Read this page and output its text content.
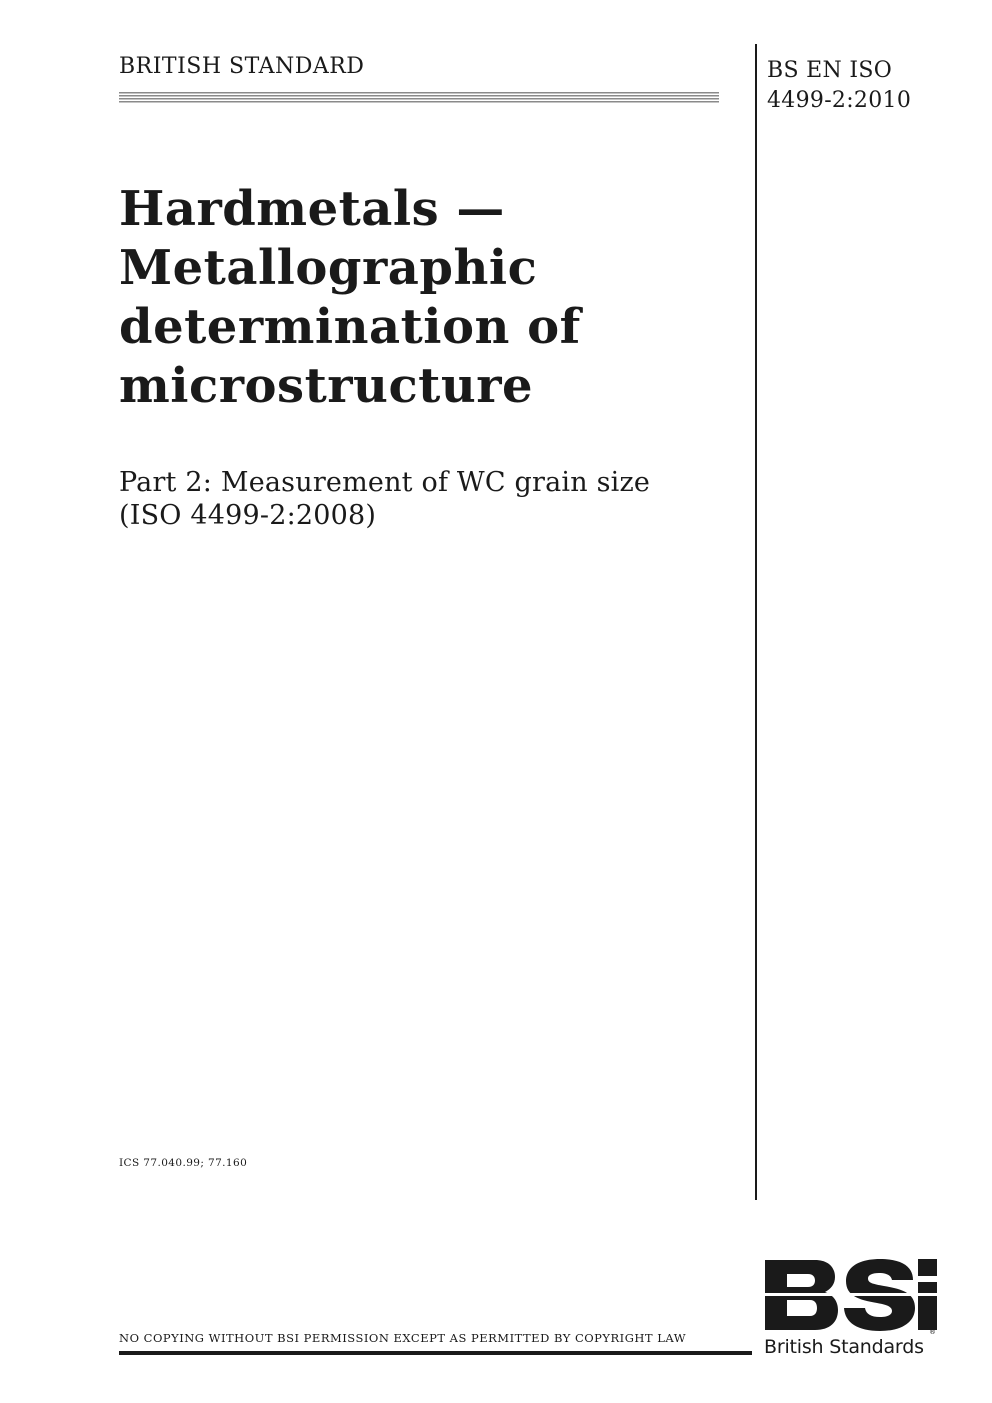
BRITISH STANDARD	BS EN ISO
4499-2:2010
Hardmetals —
Metallographic
determination of
microstructure
Part 2: Measurement of WC grain size
(ISO 4499-2:2008)
ICS 77.040.99; 77.160
NO COPYING WITHOUT BSI PERMISSION EXCEPT AS PERMITTED BY COPYRIGHT LAW	®
British Standards
